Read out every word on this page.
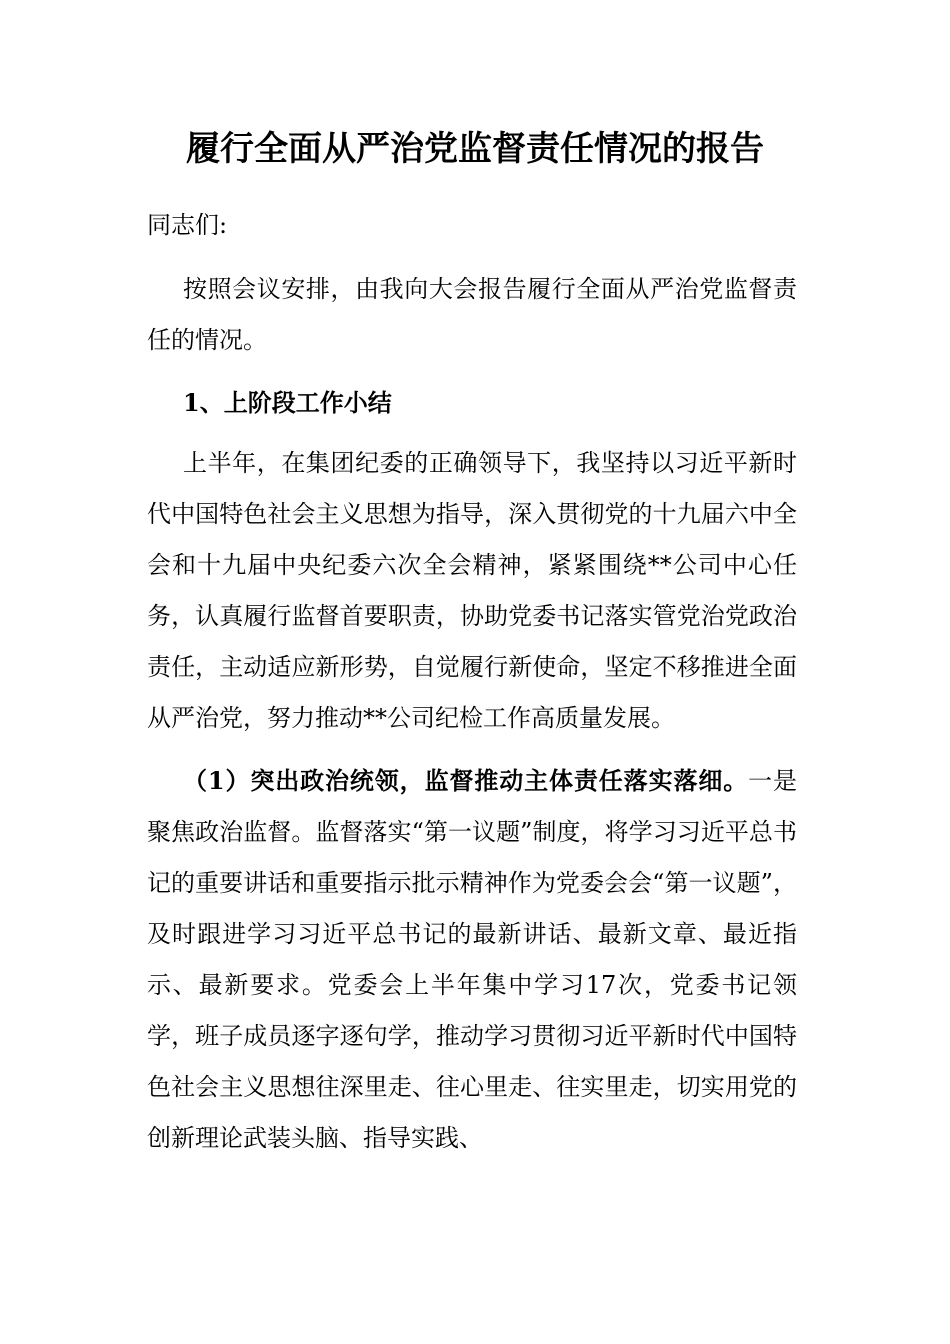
履行全面从严治党监督责任情况的报告

同志们:

按照会议安排，由我向大会报告履行全面从严治党监督责任的情况。

1、上阶段工作小结

上半年，在集团纪委的正确领导下，我坚持以习近平新时代中国特色社会主义思想为指导，深入贯彻党的十九届六中全会和十九届中央纪委六次全会精神，紧紧围绕**公司中心任务，认真履行监督首要职责，协助党委书记落实管党治党政治责任，主动适应新形势，自觉履行新使命，坚定不移推进全面从严治党，努力推动**公司纪检工作高质量发展。

（1）突出政治统领，监督推动主体责任落实落细。一是聚焦政治监督。监督落实“第一议题”制度，将学习习近平总书记的重要讲话和重要指示批示精神作为党委会会“第一议题”，及时跟进学习习近平总书记的最新讲话、最新文章、最近指示、最新要求。党委会上半年集中学习17次，党委书记领学，班子成员逐字逐句学，推动学习贯彻习近平新时代中国特色社会主义思想往深里走、往心里走、往实里走，切实用党的创新理论武装头脑、指导实践、
